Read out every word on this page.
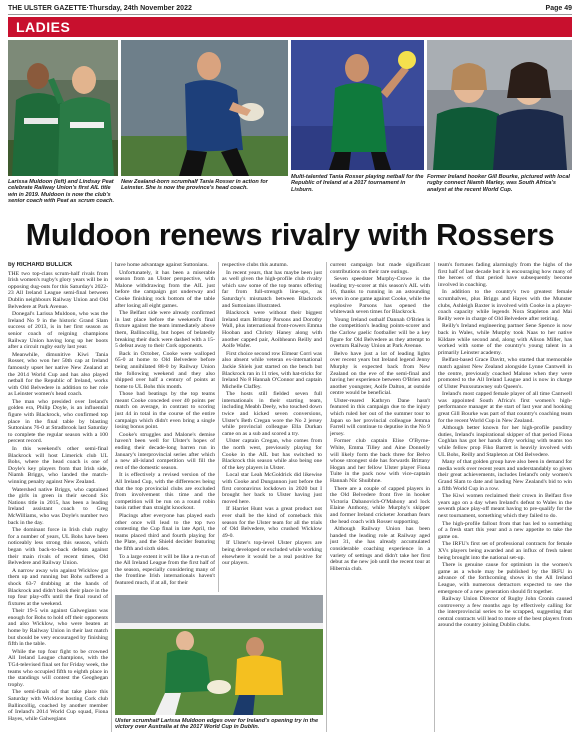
THE ULSTER GAZETTE·Thursday, 24th November 2022	Page 49
LADIES
Larissa Muldoon (left) and Lindsay Peat celebrate Railway Union's first AIL title win in 2019. Muldoon is now the club's senior coach with Peat as scrum coach.
New Zealand-born scrumhalf Tania Rosser in action for Leinster. She is now the province's head coach.
Multi-talented Tania Rosser playing netball for the Republic of Ireland at a 2017 tournament in Lisburn.
Former Ireland hooker Gill Bourke, pictured with local rugby connect Niamh Marley, was South Africa's analyst at the recent World Cup.
Muldoon renews rivalry with Rossers
by RICHARD BULLICK

THE two top-class scrum-half rivals from Irish women's rugby's glory years will be in opposing dug-outs for this Saturday's 2022-23 All Ireland League semi-final between Dublin neighbours Railway Union and Old Belvedere at Park Avenue.

Donegal's Larissa Muldoon, who was the Ireland No 9 in the historic Grand Slam success of 2013, is in her first season as senior coach of reigning champions Railway Union having long up her boots after a circuit rugby early last year.

Meanwhile, dimunitive Kiwi Tania Rosser, who won her 50th cap at Ireland famously upset her native New Zealand at the 2014 World Cup and has also played netball for the Republic of Ireland, works with Old Belvedere in addition to her role as Leinster women's head coach.

The man who presided over Ireland's golden era, Philip Doyle, is an influential figure with Blackrock, who confirmed top place in the final table by blasting Suttonians 76-0 at Stradbrook last Saturday to complete the regular season with a 100 percent record.

In this weekend's other semi-final Blackrock will host Limerick club UL Bohs, where the head coach is one of Doyle's key players from that Irish side, Niamh Briggs, who landed the match-winning penalty against New Zealand.

Watershed native Briggs, who captained the girls in green in their second Six Nations title in 2015, has been a leading Ireland assistant coach to Greg McWilliams, who was Doyle's number two back in the day.

The dominant force in Irish club rugby for a number of years, UL Bohs have been noticeably less strong this season, which began with back-to-back defeats against their main rivals of recent times, Old Belvedere and Railway Union.

A narrow away win against Wicklow got them up and running but Bohs suffered a shock 63-7 drubbing at the hands of Blackrock and didn't book their place in the top four play-offs until the final round of fixtures at the weekend.

Their 19-5 win against Galwegians was enough for Bohs to hold off their opponents and also Wicklow, who were beaten at home by Railway Union in their last match but should be very encouraged by finishing fifth in the table.

While the top four fight to be crowned All Ireland League champions, with the TG4-televised final set for Friday week, the teams who occupied fifth to eighth place in the standings will contest the Geoghegan trophy.

The semi-finals of that take place this Saturday with Wicklow hosting Cork club Ballincollig, coached by another member of Ireland's 2014 World Cup squad, Fiona Hayes, while Galwegians

have home advantage against Suttonians.

Unfortunately, it has been a miserable season from an Ulster perspective, with Malone withdrawing from the AIL just before the campaign got underway and Cooke finishing rock bottom of the table after losing all eight games.

The Belfast side were already confirmed in last place before the weekend's final fixture against the team immediately above them, Ballincollig, but hopes of belatedly breaking their duck were dashed with a 15-5 defeat away to their Cork opponents.

Back in October, Cooke were walloped 65-0 at home to Old Belvedere before being annihilated 88-0 by Railway Union the following weekend and they also shipped over half a century of points at home to UL Bohs this month.

Those bad beatings by the top teams meant Cooke conceded over 40 points per match on average, in contrast to scoring just 44 in total in the course of the entire campaign which didn't even bring a single losing bonus point.

Cooke's struggles and Malone's demise haven't been well for Ulster's hopes of ending their decade-long barren run in January's interprovincial series after which a new all-island competition will fill the rest of the domestic season.

It is effectively a revised version of the All Ireland Cup, with the differences being that the top provincial clubs are excluded from involvement this time and the competition will be run on a round robin basis rather than straight knockout.

Placings after everyone has played each other once will lead to the top two contesting the Cup final in late April, the teams placed third and fourth playing for the Plate, and the Shield decider featuring the fifth and sixth sides.

To a large extent it will be like a re-run of the All Ireland League from the first half of the season, especially considering many of the frontline Irish internationals haven't featured much, if at all, for their

respective clubs this autumn.

In recent years, that has maybe been just as well given the high-profile club rivalry which saw some of the top teams offering far from full-strength line-ups, as Saturday's mismatch between Blackrock and Suttonians illustrated.

Blackrock were without their biggest Ireland stars Brittany Parsons and Dorothy Wall, plus international front-rowers Emma Hooban and Christy Haney along with another capped pair, Aoibheann Reilly and Aoife Wafer.

First choice second row Eimear Corri was also absent while veteran ex-international Jackie Shiels just started on the bench but Blackrock ran in 11 tries, with hat-tricks for Ireland No 8 Hannah O'Connor and captain Michelle Claffey.

The hosts still fielded seven full internationals in their starting team, including Meabh Deely, who touched down twice and kicked seven conversions, Ulster's Beth Cregan wore the No 2 jersey while provincial colleague Ella Durkan came on as a sub and scored a try.

Ulster captain Cregan, who comes from the north west, previously playing for Cooke in the AIL but has switched to Blackrock this season while also being one of the key players in Ulster.

Local star Leah McGoldrick did likewise with Cooke and Dungannon just before the first coronavirus lockdown in 2020 but I brought her back to Ulster having just moved here.

If Harriet Hunt was a great product not ever shall be the kind of comeback this season for the Ulster team for all the trials of Old Belvedere, who crushed Wicklow 49-0.

If Ulster's top-level Ulster players are being developed or excluded while working elsewhere it would be a real positive for our players.

current campaign but made significant contributions on their rare outings.

Seven speedster Murphy-Crowe is the leading try-scorer at this season's AIL with 16, thanks to running in an astounding seven in one game against Cooke, while the explosive Parsons has opened the whitewash seven times for Blackrock.

Young Ireland outhalf Dannah O'Brien is the competition's leading points-scorer and the Carlow gaelic footballer will be a key figure for Old Belvedere as they attempt to overturn Railway Union at Park Avenue.

Belvo have just a lot of leading lights over recent years but Ireland legend Jenny Murphy is expected back from New Zealand on the eve of the semi-final and having her experience between O'Brien and another youngster, Aoife Dalton, at outside centre would be beneficial.

Ulster-reared Kathryn Dane hasn't featured in this campaign due to the injury which ruled her out of the summer tour to Japan so her provincial colleague Jemma Farrell will continue to deputise in the No 9 jersey.

Former club captain Elise O'Byrne-White, Emma Tilley and Aine Donnelly will likely form the back three for Belvo whose strongest side has forwards Brittany Hogan and her fellow Ulster player Fiona Tuite in the pack now with vice-captain Hannah Nic Shuibhne.

There are a couple of capped players in the Old Belvedere front five in hooker Victoria Dabanovich-O'Mahony and lock Elaine Anthony, while Murphy's skipper and former Ireland cricketer Jonathan fears the head coach with Rosser supporting.

Although Railway Union has been handed the leading role at Railway aged just 31, she has already accumulated considerable coaching experience in a variety of settings and didn't take her first debut as the new job until the recent tour at Hibernia club.

team's fortunes fading alarmingly from the highs of the first half of last decade but it is encouraging how many of the heroes of that period have subsequently become involved in coaching.

In addition to the country's two greatest female scrumhalves, plus Briggs and Hayes with the Munster clubs, Ashleigh Baxter is involved with Cooke in a player-coach capacity while legends Nora Stapleton and Mai Reilly were in charge of Old Belvedere after retiring.

Reilly's Ireland engineering partner Sene Spence is now back in Wales, while Murphy took Naas to her native Kildare while second and, along with Alison Miller, has worked with some of the country's young talent in a primarily Leinster academy.

Belfast-based Grace Davitt, who started that memorable match against New Zealand alongside Lynne Cantwell in the centre, previously coached Malone when they were promoted to the All Ireland League and is now in charge of Ulster Punxsutawney sub Queen's.

Ireland's most capped female player of all time Cantwell was appointed South Africa's first women's high-performance manager at the start of last year and hooking great Gill Bourke was part of that country's coaching team for the recent World Cup in New Zealand.

Although better known for her high-profile punditry duties, Ireland's inspirational skipper of that period Fiona Coghlan has got her hands dirty working with teams too while fellow prop Fiko Barrett is heavily involved with UL Bohs, Reilly and Stapleton at Old Belvedere.

Many of that golden group have also been in demand for media work over recent years and understandably so given their great achievements, includes Ireland's only women's Grand Slam to date and landing New Zealand's bid to win a fifth World Cup in a row.

The Kiwi women reclaimed their crown in Belfast five years ago on a day when Ireland's defeat to Wales in the seventh place play-off meant having to pre-qualify for the next tournament, something which they failed to do.

The high-profile fallout from that has led to something of a fresh start this year and a new appetite to take the game on.

The IRFU's first set of professional contracts for female XVs players being awarded and an influx of fresh talent being brought into the national set-up.

There is genuine cause for optimism in the women's game as a whole may be published by the IRFU in advance of the forthcoming shows in the All Ireland League, with numerous detractors expected to see the emergence of a new generation should fit together.

Railway Union Director of Rugby John Cronin caused controversy a few months ago by effectively calling for the interprovincial series to be scrapped, suggesting that central contracts will lead to more of the best players from around the country joining Dublin clubs.

Ulster scrumhalf Larissa Muldoon edges over for Ireland's opening try in the victory over Australia at the 2017 World Cup in Dublin.
